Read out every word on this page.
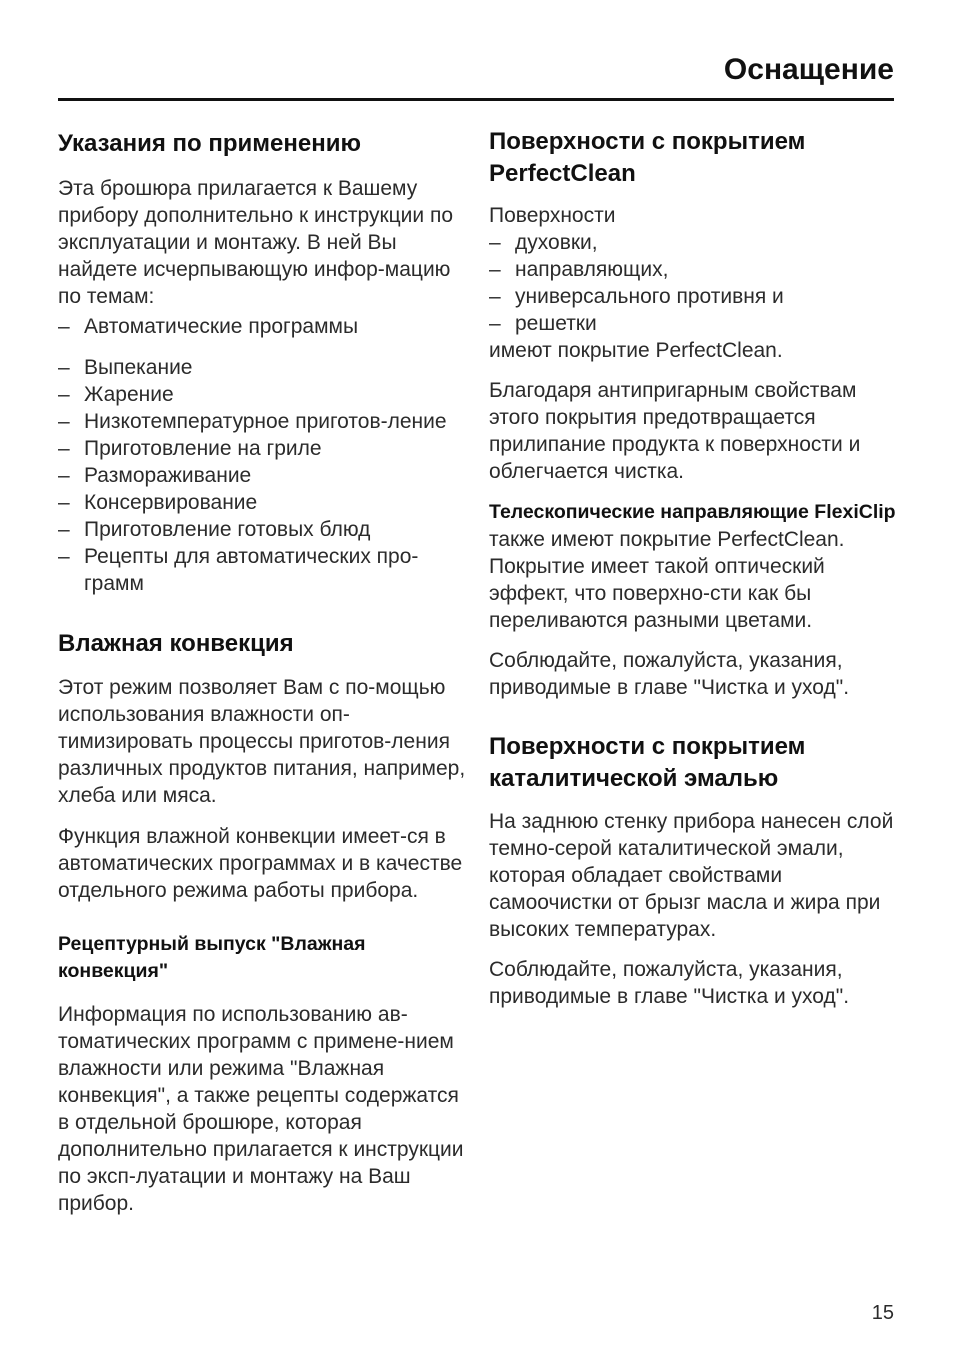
Оснащение
Указания по применению

Эта брошюра прилагается к Вашему прибору дополнительно к инструкции по эксплуатации и монтажу. В ней Вы найдете исчерпывающую инфор-мацию по темам:

– Автоматические программы
– Выпекание
– Жарение
– Низкотемпературное приготов-ление
– Приготовление на гриле
– Размораживание
– Консервирование
– Приготовление готовых блюд
– Рецепты для автоматических про-грамм
Влажная конвекция

Этот режим позволяет Вам с по-мощью использования влажности оп-тимизировать процессы приготов-ления различных продуктов питания, например, хлеба или мяса.

Функция влажной конвекции имеет-ся в автоматических программах и в качестве отдельного режима работы прибора.

Рецептурный выпуск "Влажная конвекция"

Информация по использованию ав-томатических программ с примене-нием влажности или режима "Влажная конвекция", а также рецепты содержатся в отдельной брошюре, которая дополнительно прилагается к инструкции по эксп-луатации и монтажу на Ваш прибор.

Поверхности с покрытием PerfectClean

Поверхности

– духовки,
– направляющих,
– универсального противня и
– решетки

имеют покрытие PerfectClean.

Благодаря антипригарным свойствам этого покрытия предотвращается прилипание продукта к поверхности и облегчается чистка.

Телескопические направляющие FlexiClip также имеют покрытие PerfectClean. Покрытие имеет такой оптический эффект, что поверхно-сти как бы переливаются разными цветами.

Соблюдайте, пожалуйста, указания, приводимые в главе "Чистка и уход".

Поверхности с покрытием каталитической эмалью

На заднюю стенку прибора нанесен слой темно-серой каталитической эмали, которая обладает свойствами самоочистки от брызг масла и жира при высоких температурах.

Соблюдайте, пожалуйста, указания, приводимые в главе "Чистка и уход".

15
